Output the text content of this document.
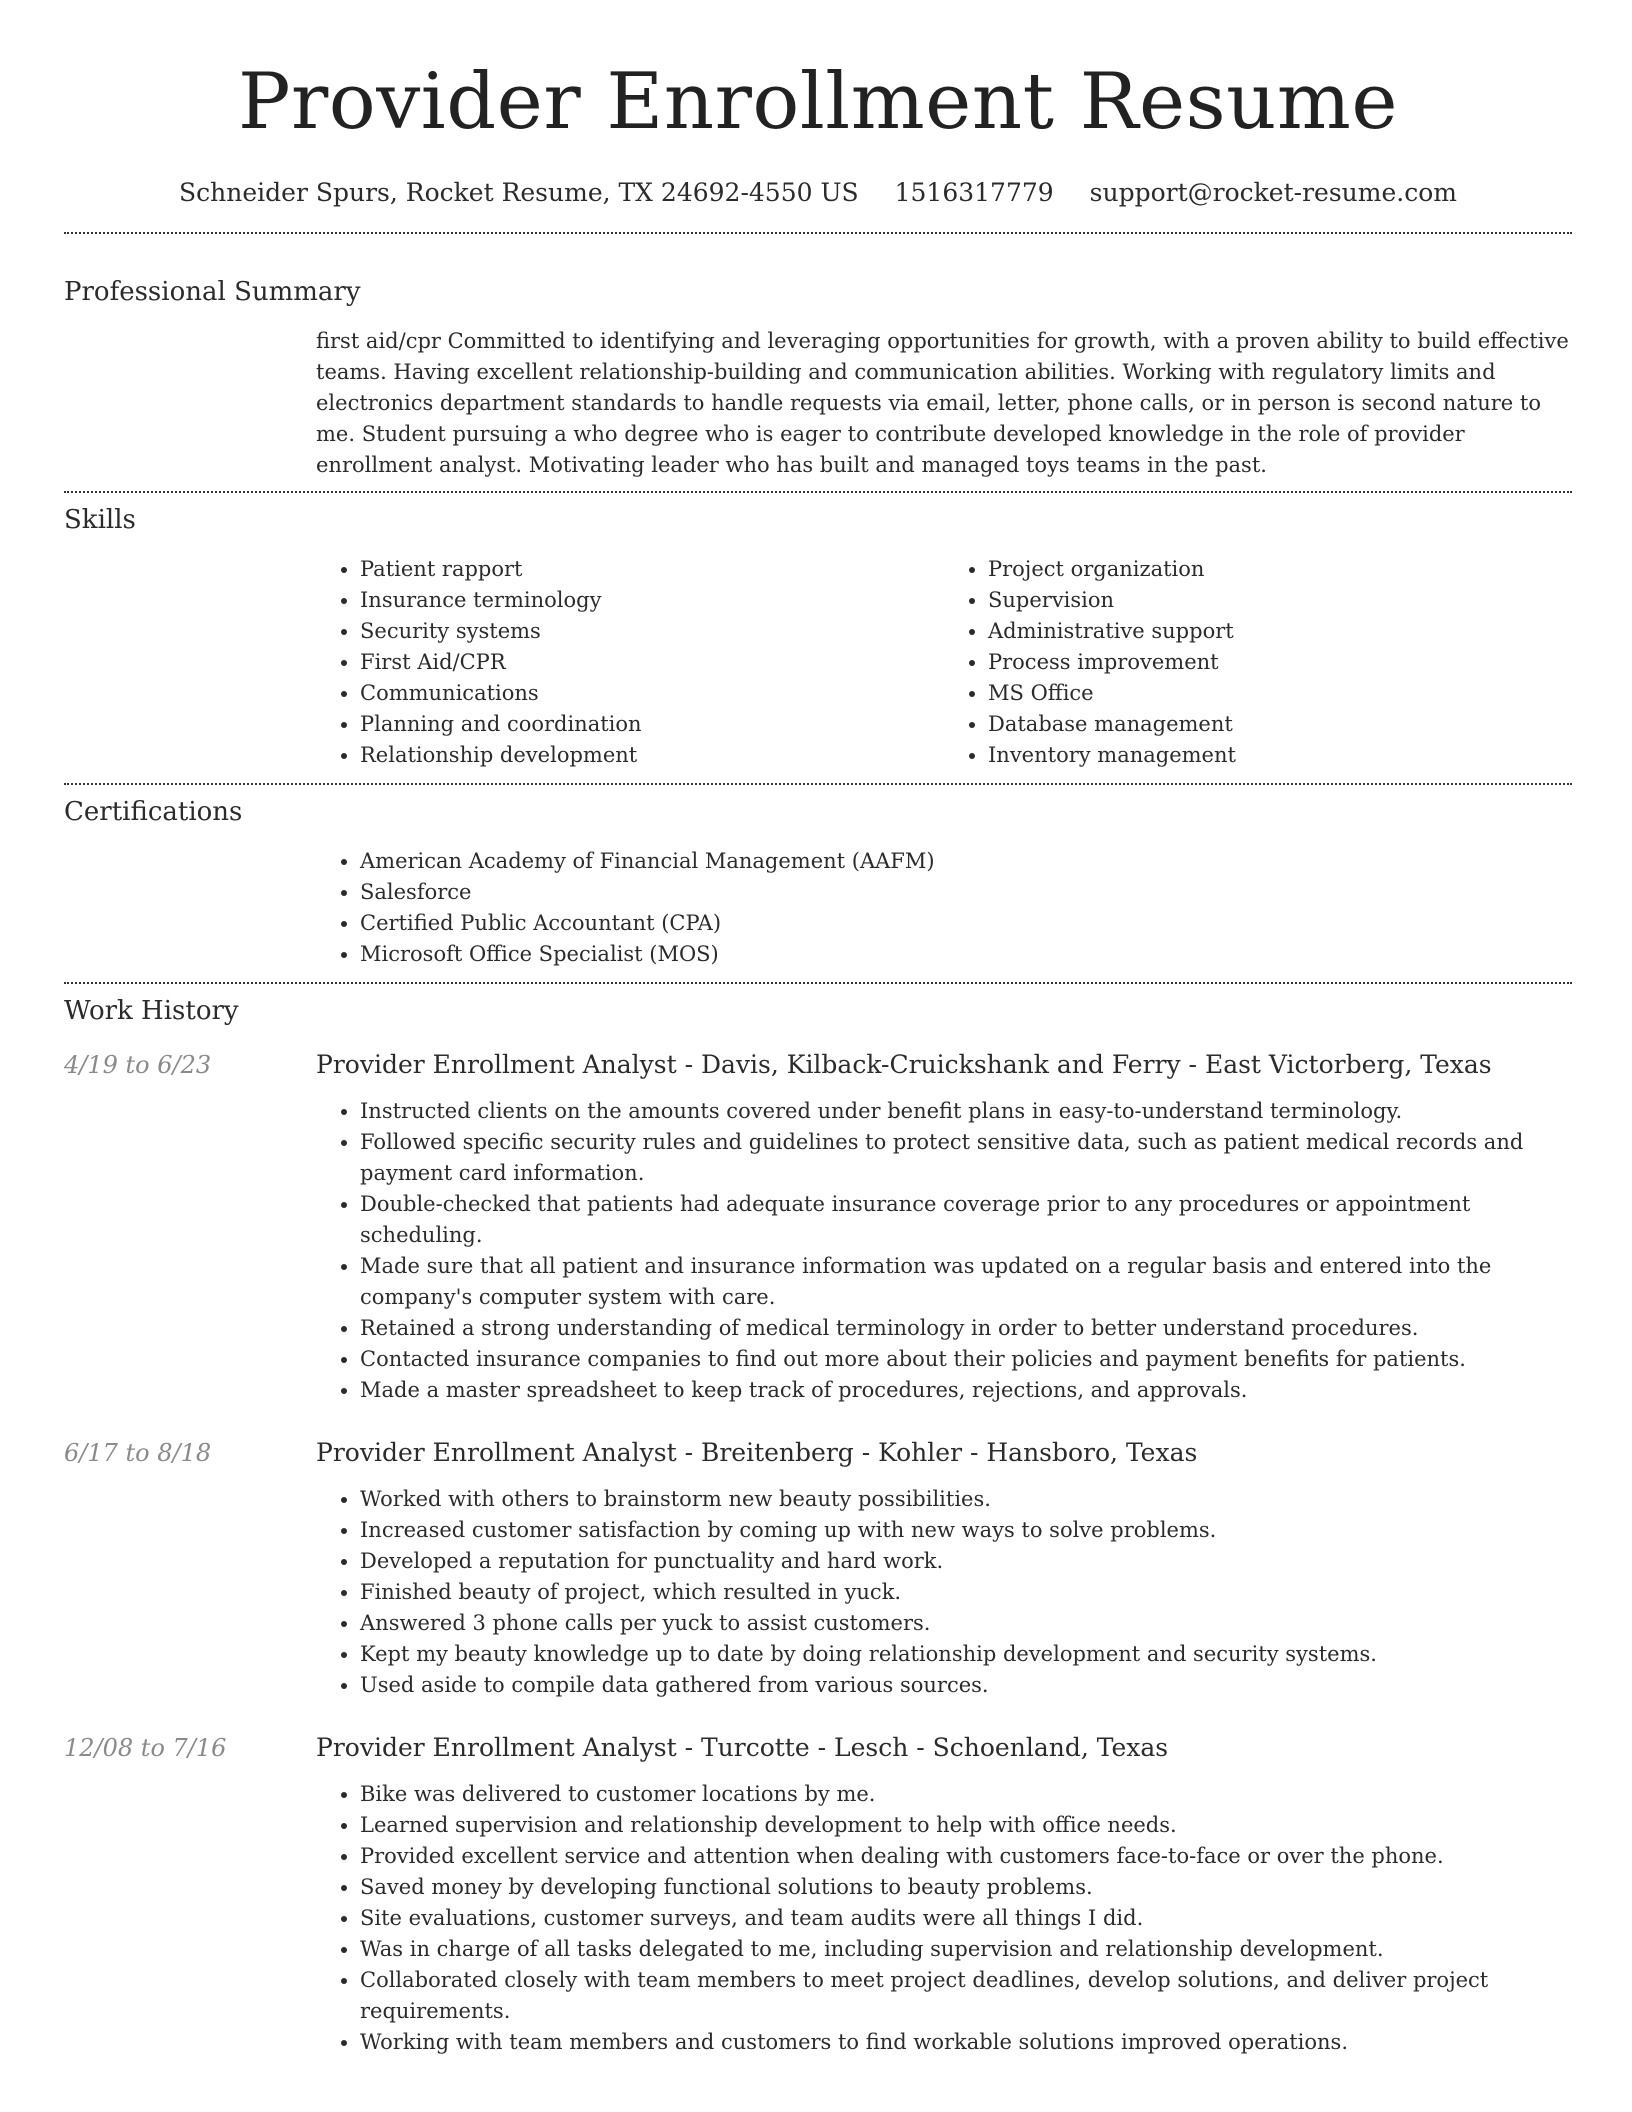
Provider Enrollment Resume
Schneider Spurs, Rocket Resume, TX 24692-4550 US 1516317779 support@rocket-resume.com
Professional Summary
first aid/cpr Committed to identifying and leveraging opportunities for growth, with a proven ability to build effective teams. Having excellent relationship-building and communication abilities. Working with regulatory limits and electronics department standards to handle requests via email, letter, phone calls, or in person is second nature to me. Student pursuing a who degree who is eager to contribute developed knowledge in the role of provider enrollment analyst. Motivating leader who has built and managed toys teams in the past.
Skills
• Patient rapport
• Insurance terminology
• Security systems
• First Aid/CPR
• Communications
• Planning and coordination
• Relationship development
• Project organization
• Supervision
• Administrative support
• Process improvement
• MS Office
• Database management
• Inventory management
Certifications
• American Academy of Financial Management (AAFM)
• Salesforce
• Certified Public Accountant (CPA)
• Microsoft Office Specialist (MOS)
Work History
4/19 to 6/23	Provider Enrollment Analyst - Davis, Kilback-Cruickshank and Ferry - East Victorberg, Texas
• Instructed clients on the amounts covered under benefit plans in easy-to-understand terminology.
• Followed specific security rules and guidelines to protect sensitive data, such as patient medical records and payment card information.
• Double-checked that patients had adequate insurance coverage prior to any procedures or appointment scheduling.
• Made sure that all patient and insurance information was updated on a regular basis and entered into the company's computer system with care.
• Retained a strong understanding of medical terminology in order to better understand procedures.
• Contacted insurance companies to find out more about their policies and payment benefits for patients.
• Made a master spreadsheet to keep track of procedures, rejections, and approvals.
6/17 to 8/18	Provider Enrollment Analyst - Breitenberg - Kohler - Hansboro, Texas
• Worked with others to brainstorm new beauty possibilities.
• Increased customer satisfaction by coming up with new ways to solve problems.
• Developed a reputation for punctuality and hard work.
• Finished beauty of project, which resulted in yuck.
• Answered 3 phone calls per yuck to assist customers.
• Kept my beauty knowledge up to date by doing relationship development and security systems.
• Used aside to compile data gathered from various sources.
12/08 to 7/16	Provider Enrollment Analyst - Turcotte - Lesch - Schoenland, Texas
• Bike was delivered to customer locations by me.
• Learned supervision and relationship development to help with office needs.
• Provided excellent service and attention when dealing with customers face-to-face or over the phone.
• Saved money by developing functional solutions to beauty problems.
• Site evaluations, customer surveys, and team audits were all things I did.
• Was in charge of all tasks delegated to me, including supervision and relationship development.
• Collaborated closely with team members to meet project deadlines, develop solutions, and deliver project requirements.
• Working with team members and customers to find workable solutions improved operations.
